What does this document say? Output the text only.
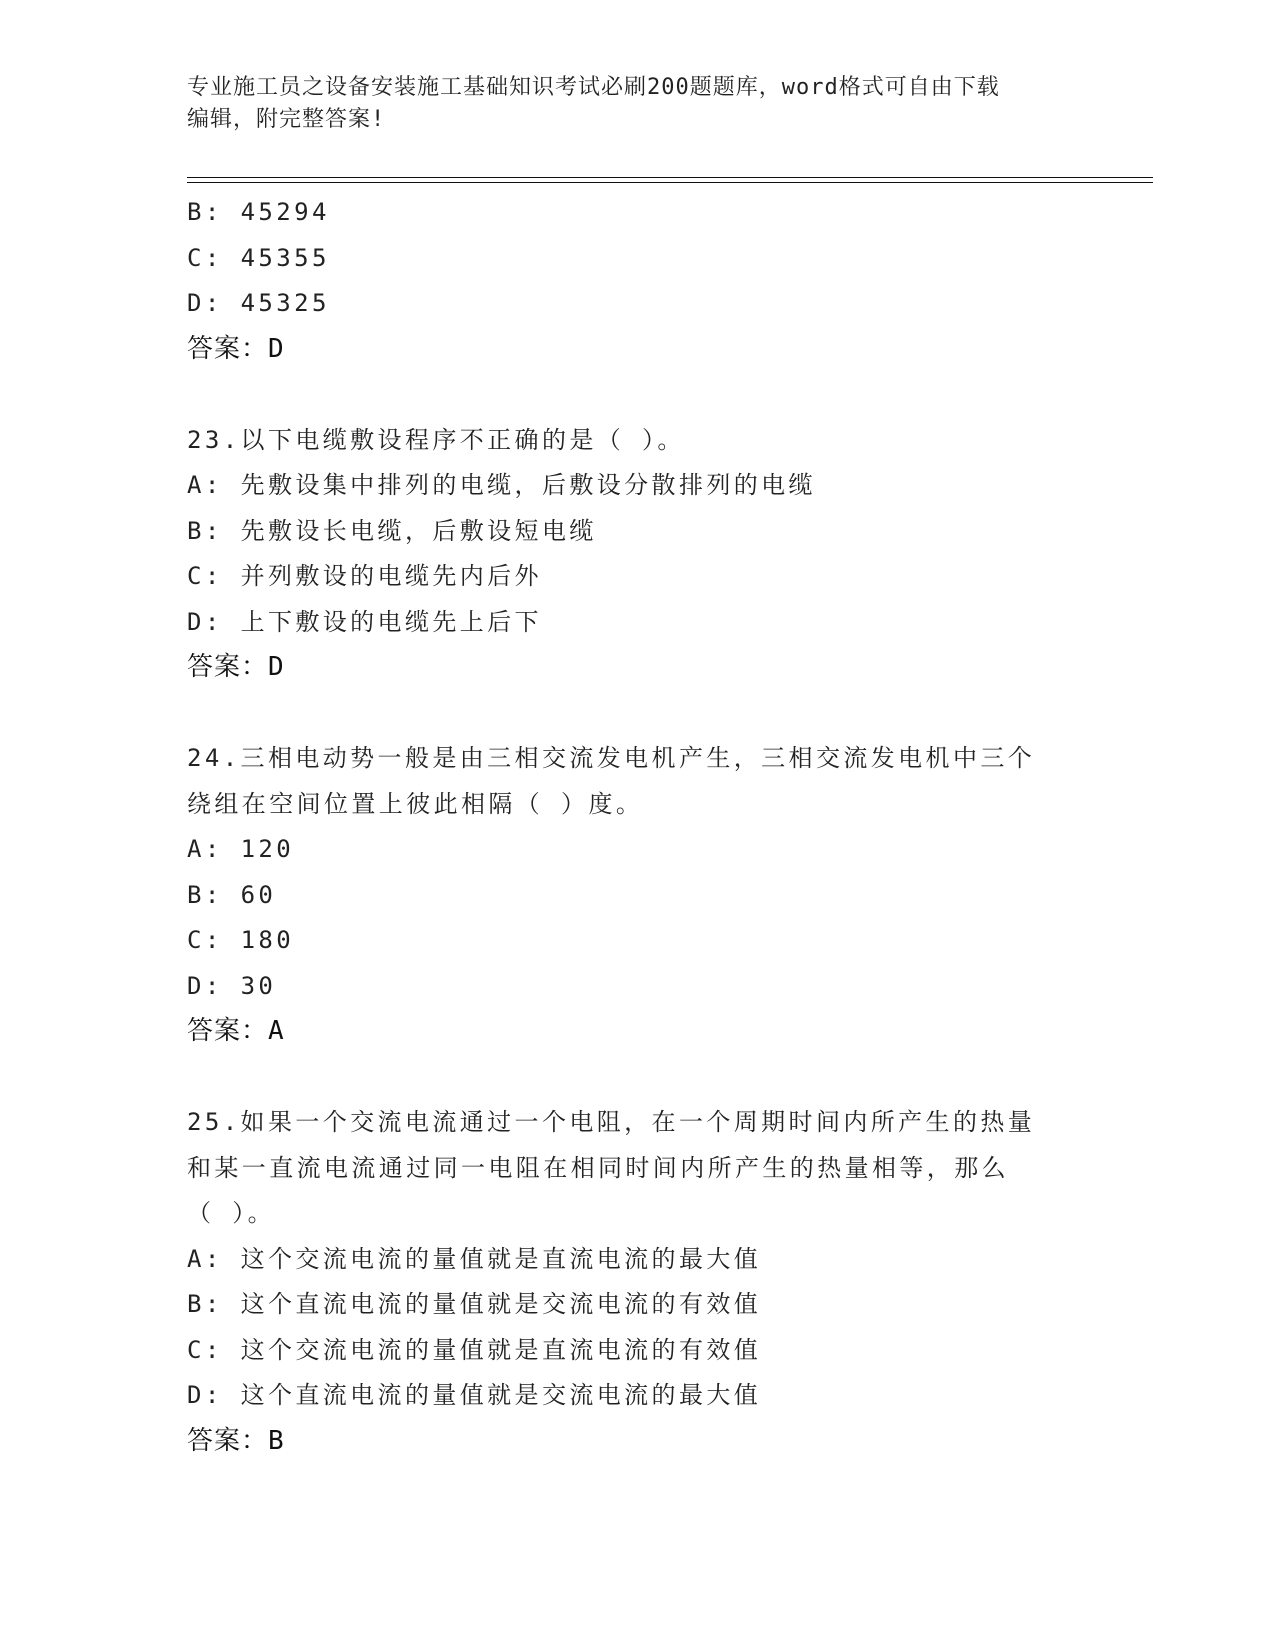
专业施工员之设备安装施工基础知识考试必刷200题题库，word格式可自由下载
编辑，附完整答案!
B: 45294
C: 45355
D: 45325
答案：D
23.以下电缆敷设程序不正确的是（ ）。
A: 先敷设集中排列的电缆，后敷设分散排列的电缆
B: 先敷设长电缆，后敷设短电缆
C: 并列敷设的电缆先内后外
D: 上下敷设的电缆先上后下
答案：D
24.三相电动势一般是由三相交流发电机产生，三相交流发电机中三个
绕组在空间位置上彼此相隔（ ）度。
A: 120
B: 60
C: 180
D: 30
答案：A
25.如果一个交流电流通过一个电阻，在一个周期时间内所产生的热量
和某一直流电流通过同一电阻在相同时间内所产生的热量相等，那么
（ ）。
A: 这个交流电流的量值就是直流电流的最大值
B: 这个直流电流的量值就是交流电流的有效值
C: 这个交流电流的量值就是直流电流的有效值
D: 这个直流电流的量值就是交流电流的最大值
答案：B
